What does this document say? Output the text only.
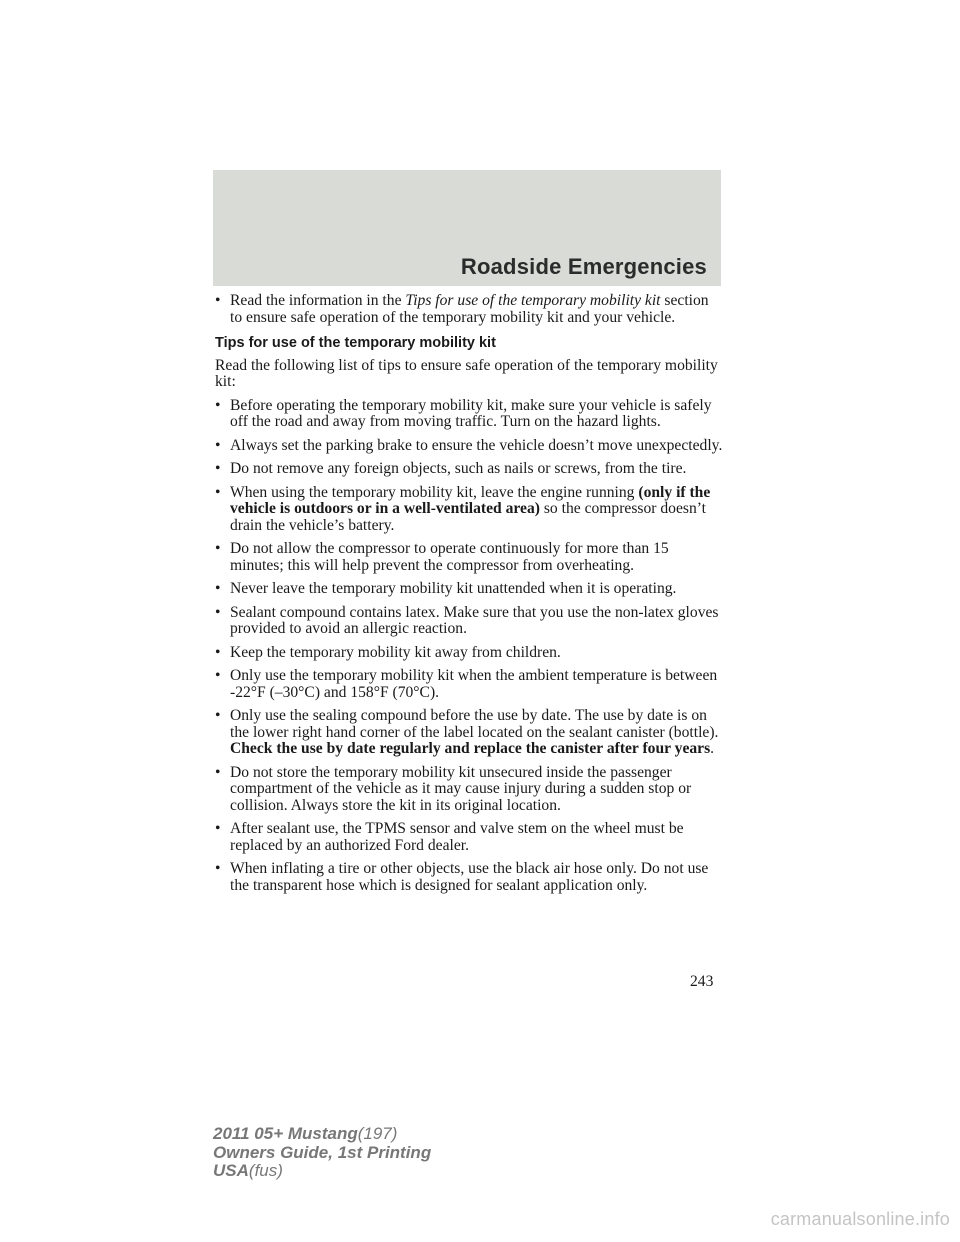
Roadside Emergencies
• Read the information in the Tips for use of the temporary mobility kit section to ensure safe operation of the temporary mobility kit and your vehicle.
Tips for use of the temporary mobility kit
Read the following list of tips to ensure safe operation of the temporary mobility kit:
• Before operating the temporary mobility kit, make sure your vehicle is safely off the road and away from moving traffic. Turn on the hazard lights.
• Always set the parking brake to ensure the vehicle doesn’t move unexpectedly.
• Do not remove any foreign objects, such as nails or screws, from the tire.
• When using the temporary mobility kit, leave the engine running (only if the vehicle is outdoors or in a well-ventilated area) so the compressor doesn’t drain the vehicle’s battery.
• Do not allow the compressor to operate continuously for more than 15 minutes; this will help prevent the compressor from overheating.
• Never leave the temporary mobility kit unattended when it is operating.
• Sealant compound contains latex. Make sure that you use the non-latex gloves provided to avoid an allergic reaction.
• Keep the temporary mobility kit away from children.
• Only use the temporary mobility kit when the ambient temperature is between -22°F (–30°C) and 158°F (70°C).
• Only use the sealing compound before the use by date. The use by date is on the lower right hand corner of the label located on the sealant canister (bottle). Check the use by date regularly and replace the canister after four years.
• Do not store the temporary mobility kit unsecured inside the passenger compartment of the vehicle as it may cause injury during a sudden stop or collision. Always store the kit in its original location.
• After sealant use, the TPMS sensor and valve stem on the wheel must be replaced by an authorized Ford dealer.
• When inflating a tire or other objects, use the black air hose only. Do not use the transparent hose which is designed for sealant application only.
243
2011 05+ Mustang(197)
Owners Guide, 1st Printing
USA(fus)
carmanualsonline.info
